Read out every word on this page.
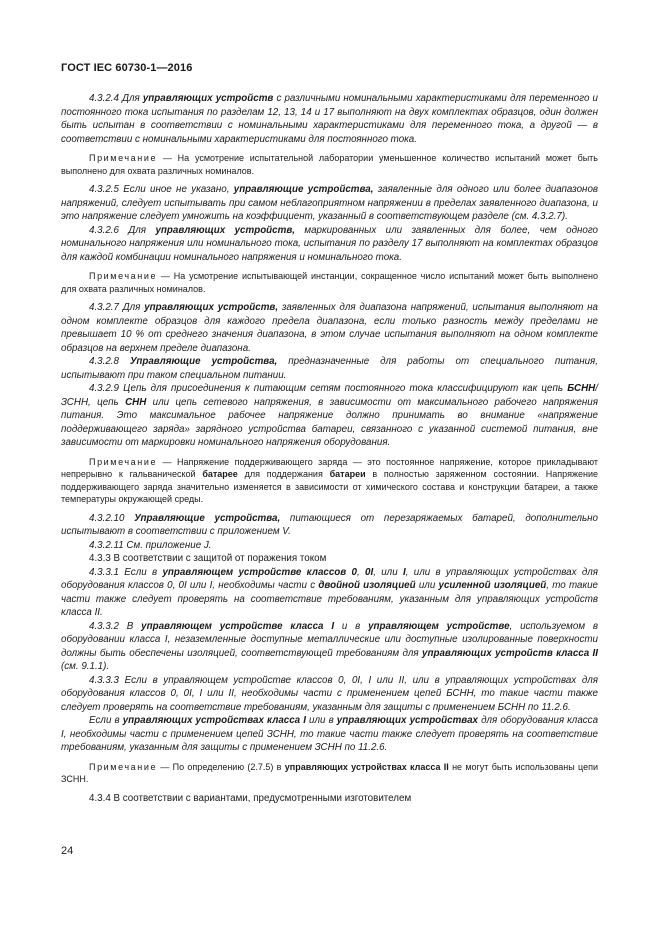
ГОСТ IEC 60730-1—2016

4.3.2.4 Для управляющих устройств с различными номинальными характеристиками для переменного и постоянного тока испытания по разделам 12, 13, 14 и 17 выполняют на двух комплектах образцов, один должен быть испытан в соответствии с номинальными характеристиками для переменного тока, а другой — в соответствии с номинальными характеристиками для постоянного тока.

Примечание — На усмотрение испытательной лаборатории уменьшенное количество испытаний может быть выполнено для охвата различных номиналов.

4.3.2.5 Если иное не указано, управляющие устройства, заявленные для одного или более диапазонов напряжений, следует испытывать при самом неблагоприятном напряжении в пределах заявленного диапазона, и это напряжение следует умножить на коэффициент, указанный в соответствующем разделе (см. 4.3.2.7).

4.3.2.6 Для управляющих устройств, маркированных или заявленных для более, чем одного номинального напряжения или номинального тока, испытания по разделу 17 выполняют на комплектах образцов для каждой комбинации номинального напряжения и номинального тока.

Примечание — На усмотрение испытывающей инстанции, сокращенное число испытаний может быть выполнено для охвата различных номиналов.

4.3.2.7 Для управляющих устройств, заявленных для диапазона напряжений, испытания выполняют на одном комплекте образцов для каждого предела диапазона, если только разность между пределами не превышает 10 % от среднего значения диапазона, в этом случае испытания выполняют на одном комплекте образцов на верхнем пределе диапазона.

4.3.2.8 Управляющие устройства, предназначенные для работы от специального питания, испытывают при таком специальном питании.

4.3.2.9 Цепь для присоединения к питающим сетям постоянного тока классифицируют как цепь БСНН/ЗСНН, цепь СНН или цепь сетевого напряжения, в зависимости от максимального рабочего напряжения питания. Это максимальное рабочее напряжение должно принимать во внимание «напряжение поддерживающего заряда» зарядного устройства батареи, связанного с указанной системой питания, вне зависимости от маркировки номинального напряжения оборудования.

Примечание — Напряжение поддерживающего заряда — это постоянное напряжение, которое прикладывают непрерывно к гальванической батарее для поддержания батареи в полностью заряженном состоянии. Напряжение поддерживающего заряда значительно изменяется в зависимости от химического состава и конструкции батареи, а также температуры окружающей среды.

4.3.2.10 Управляющие устройства, питающиеся от перезаряжаемых батарей, дополнительно испытывают в соответствии с приложением V.

4.3.2.11 См. приложение J.

4.3.3 В соответствии с защитой от поражения током

4.3.3.1 Если в управляющем устройстве классов 0, 0I, или I, или в управляющих устройствах для оборудования классов 0, 0I или I, необходимы части с двойной изоляцией или усиленной изоляцией, то такие части также следует проверять на соответствие требованиям, указанным для управляющих устройств класса II.

4.3.3.2 В управляющем устройстве класса I и в управляющем устройстве, используемом в оборудовании класса I, незаземленные доступные металлические или доступные изолированные поверхности должны быть обеспечены изоляцией, соответствующей требованиям для управляющих устройств класса II (см. 9.1.1).

4.3.3.3 Если в управляющем устройстве классов 0, 0I, I или II, или в управляющих устройствах для оборудования классов 0, 0I, I или II, необходимы части с применением цепей БСНН, то такие части также следует проверять на соответствие требованиям, указанным для защиты с применением БСНН по 11.2.6.

Если в управляющих устройствах класса I или в управляющих устройствах для оборудования класса I, необходимы части с применением цепей ЗСНН, то такие части также следует проверять на соответствие требованиям, указанным для защиты с применением ЗСНН по 11.2.6.

Примечание — По определению (2.7.5) в управляющих устройствах класса II не могут быть использованы цепи ЗСНН.

4.3.4 В соответствии с вариантами, предусмотренными изготовителем

24
